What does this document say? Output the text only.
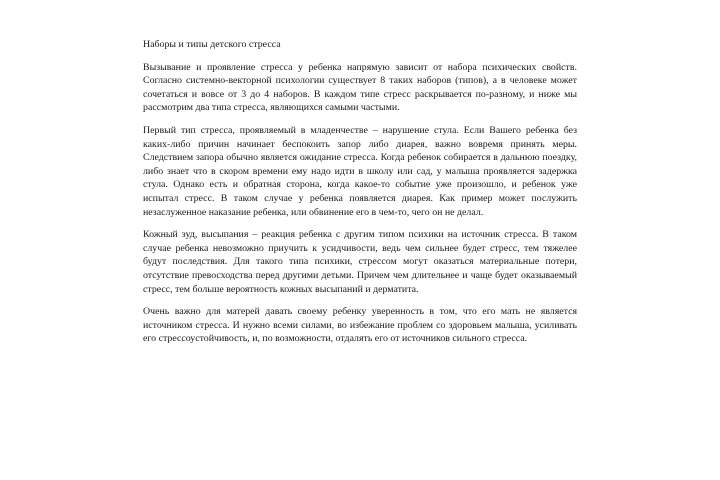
Наборы и типы детского стресса

Вызывание и проявление стресса у ребенка напрямую зависит от набора психических свойств. Согласно системно-векторной психологии существует 8 таких наборов (типов), а в человеке может сочетаться и вовсе от 3 до 4 наборов. В каждом типе стресс раскрывается по-разному, и ниже мы рассмотрим два типа стресса, являющихся самыми частыми.

Первый тип стресса, проявляемый в младенчестве – нарушение стула. Если Вашего ребенка без каких-либо причин начинает беспокоить запор либо диарея, важно вовремя принять меры. Следствием запора обычно является ожидание стресса. Когда ребенок собирается в дальнюю поездку, либо знает что в скором времени ему надо идти в школу или сад, у малыша проявляется задержка стула. Однако есть и обратная сторона, когда какое-то событие уже произошло, и ребенок уже испытал стресс. В таком случае у ребенка появляется диарея. Как пример может послужить незаслуженное наказание ребенка, или обвинение его в чем-то, чего он не делал.

Кожный зуд, высыпания – реакция ребенка с другим типом психики на источник стресса. В таком случае ребенка невозможно приучить к усидчивости, ведь чем сильнее будет стресс, тем тяжелее будут последствия. Для такого типа психики, стрессом могут оказаться материальные потери, отсутствие превосходства перед другими детьми. Причем чем длительнее и чаще будет оказываемый стресс, тем больше вероятность кожных высыпаний и дерматита.

Очень важно для матерей давать своему ребенку уверенность в том, что его мать не является источником стресса. И нужно всеми силами, во избежание проблем со здоровьем малыша, усиливать его стрессоустойчивость, и, по возможности, отдалять его от источников сильного стресса.
